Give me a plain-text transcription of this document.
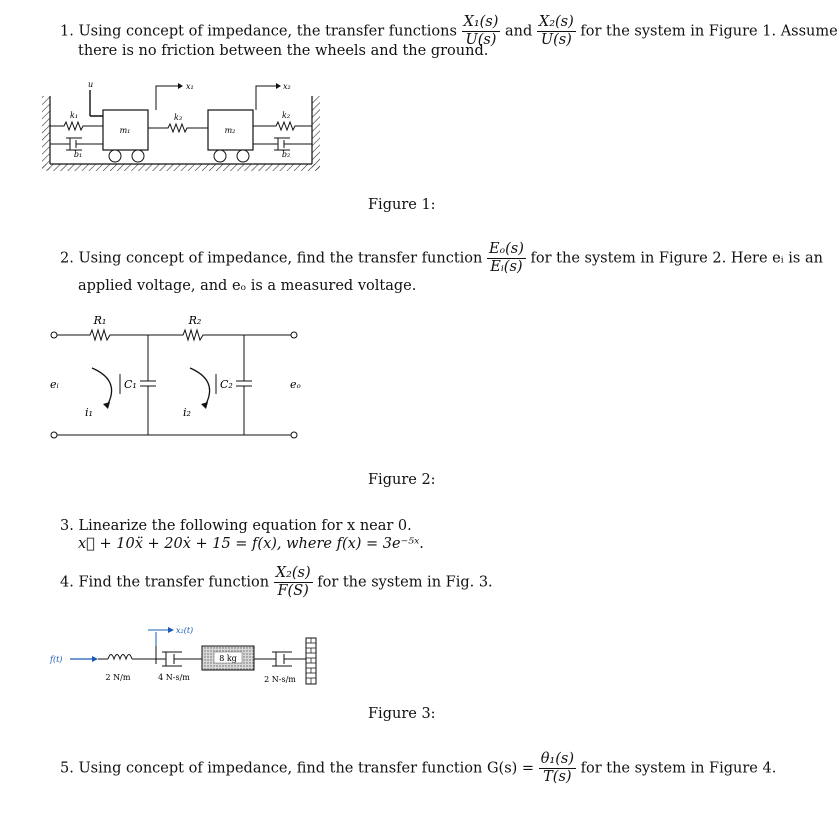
1. Using concept of impedance, the transfer functions $\frac{\text{X₁(s)}}{U(s)}$ and $\frac{\text{X₂(s)}}{U(s)}$ for the system in Figure 1. Assume
there is no friction between the wheels and the ground.
m₁	m₂
k₁
b₁
k₃	k₂
b₂
u	x₁	x₂
Figure 1:
2. Using concept of impedance, find the transfer function $\frac{\text{Eₒ(s)}}{\text{Eᵢ(s)}}$ for the system in Figure 2. Here eᵢ is an
applied voltage, and eₒ is a measured voltage.
R₁	R₂
C₁	C₂
i₁	i₂
eᵢ	eₒ
Figure 2:
3. Linearize the following equation for x near 0.
x⃛ + 10ẍ + 20ẋ + 15 = f(x), where f(x) = 3e⁻⁵ˣ.
4. Find the transfer function $\frac{\text{X₂(s)}}{F(S)}$ for the system in Fig. 3.
f(t)
2 N/m
x₂(t)
4 N-s/m
8 kg
2 N-s/m
Figure 3:
5. Using concept of impedance, find the transfer function $G(s) = \frac{\text{θ₁(s)}}{T(s)}$ for the system in Figure 4.
